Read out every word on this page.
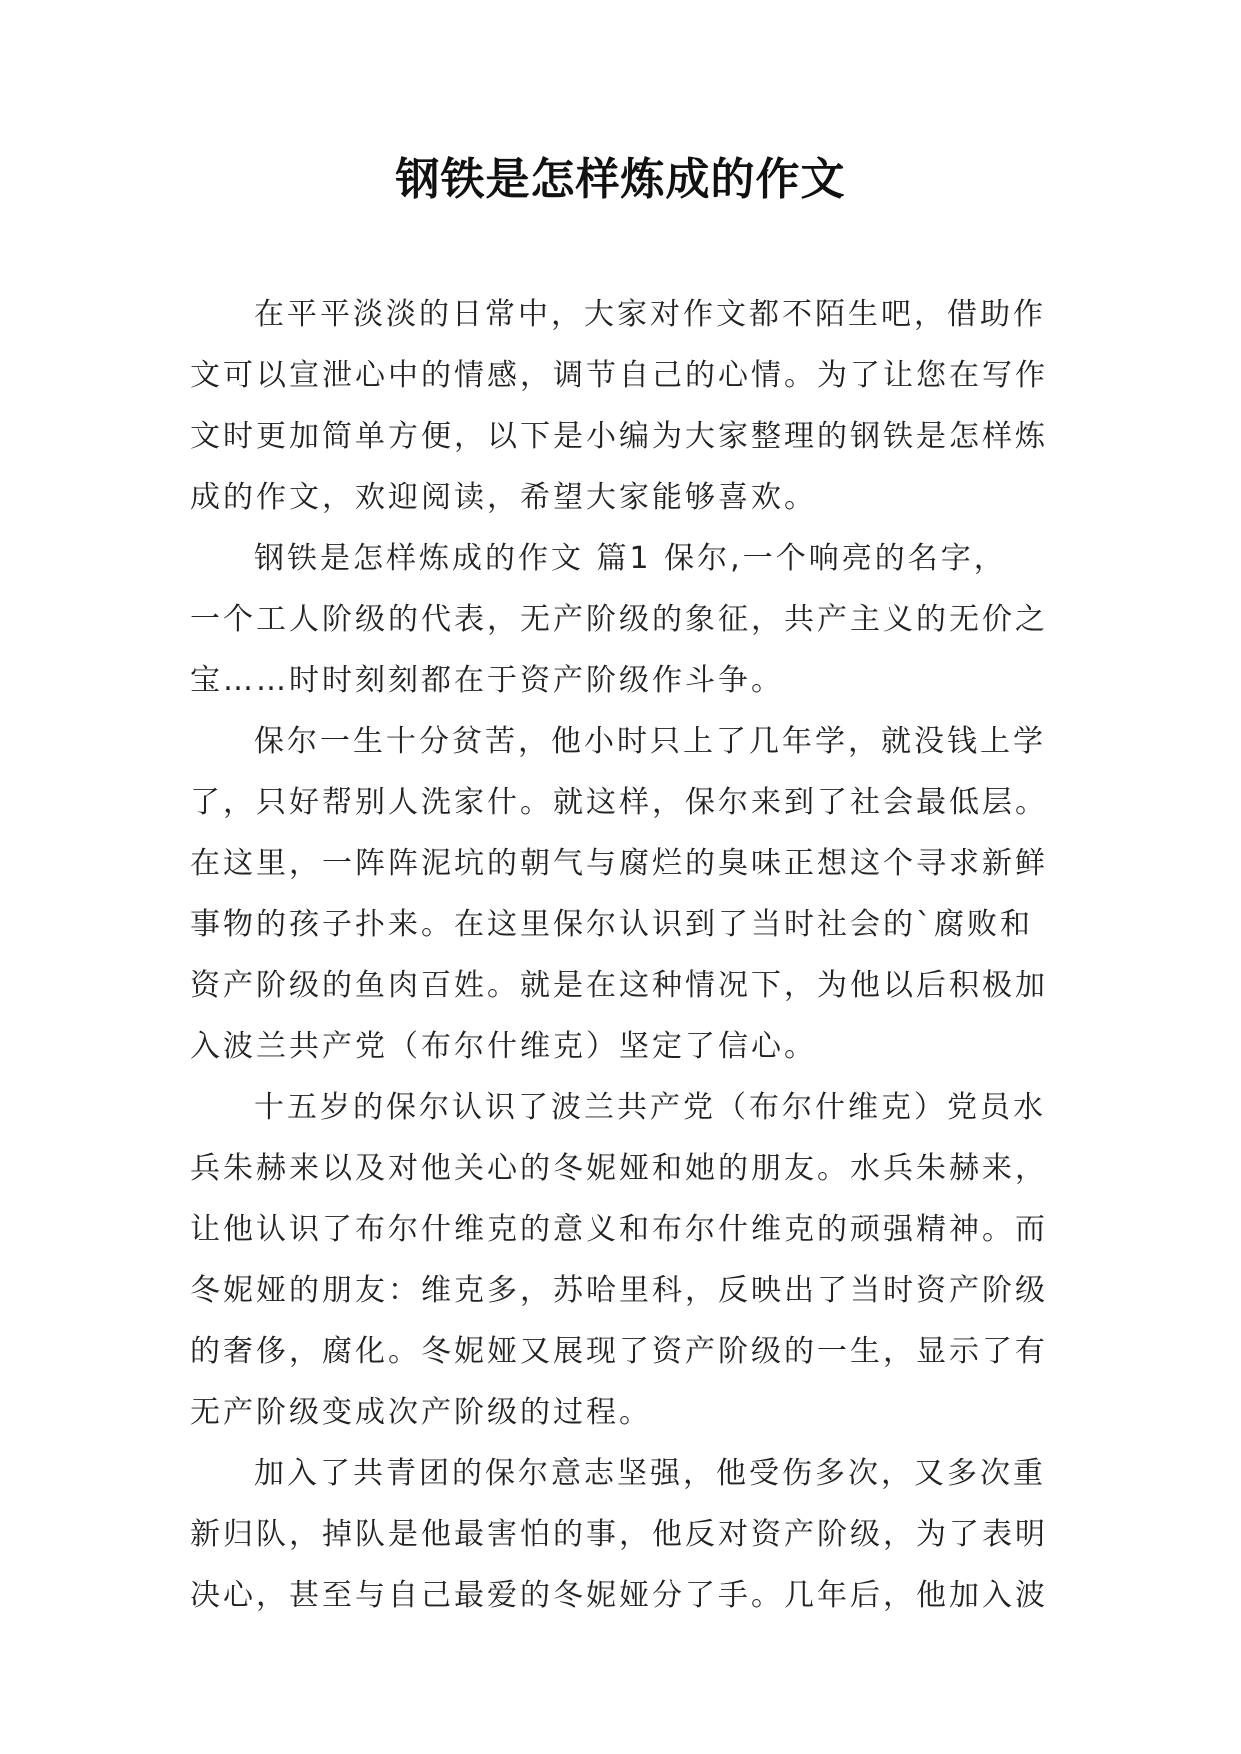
钢铁是怎样炼成的作文
在平平淡淡的日常中，大家对作文都不陌生吧，借助作
文可以宣泄心中的情感，调节自己的心情。为了让您在写作
文时更加简单方便，以下是小编为大家整理的钢铁是怎样炼
成的作文，欢迎阅读，希望大家能够喜欢。
钢铁是怎样炼成的作文 篇1 保尔,一个响亮的名字，
一个工人阶级的代表，无产阶级的象征，共产主义的无价之
宝……时时刻刻都在于资产阶级作斗争。
保尔一生十分贫苦，他小时只上了几年学，就没钱上学
了，只好帮别人洗家什。就这样，保尔来到了社会最低层。
在这里，一阵阵泥坑的朝气与腐烂的臭味正想这个寻求新鲜
事物的孩子扑来。在这里保尔认识到了当时社会的`腐败和
资产阶级的鱼肉百姓。就是在这种情况下，为他以后积极加
入波兰共产党（布尔什维克）坚定了信心。
十五岁的保尔认识了波兰共产党（布尔什维克）党员水
兵朱赫来以及对他关心的冬妮娅和她的朋友。水兵朱赫来，
让他认识了布尔什维克的意义和布尔什维克的顽强精神。而
冬妮娅的朋友：维克多，苏哈里科，反映出了当时资产阶级
的奢侈，腐化。冬妮娅又展现了资产阶级的一生，显示了有
无产阶级变成次产阶级的过程。
加入了共青团的保尔意志坚强，他受伤多次，又多次重
新归队，掉队是他最害怕的事，他反对资产阶级，为了表明
决心，甚至与自己最爱的冬妮娅分了手。几年后，他加入波
